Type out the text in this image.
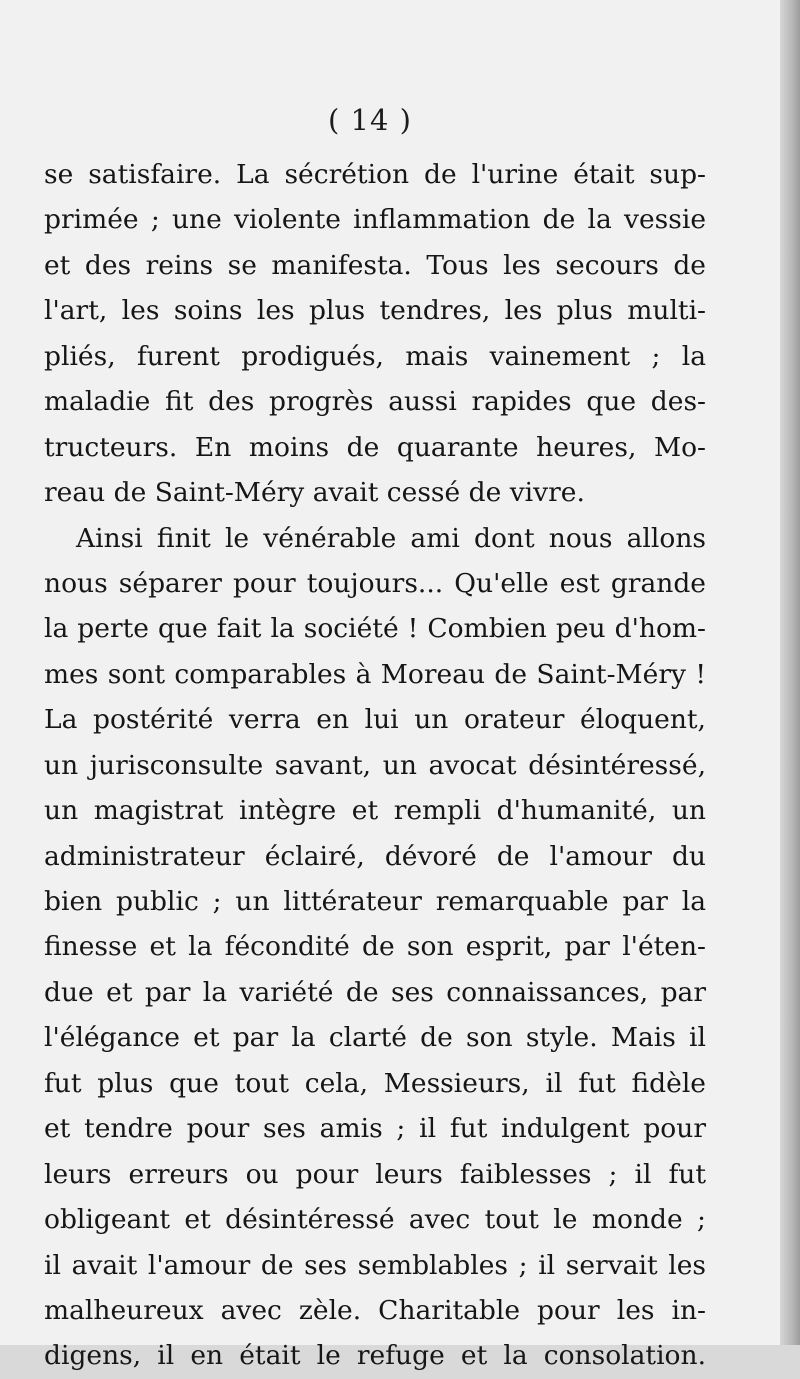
( 14 )
se satisfaire. La sécrétion de l'urine était sup-
primée ; une violente inflammation de la vessie
et des reins se manifesta. Tous les secours de
l'art, les soins les plus tendres, les plus multi-
pliés, furent prodigués, mais vainement ; la
maladie fit des progrès aussi rapides que des-
tructeurs. En moins de quarante heures, Mo-
reau de Saint-Méry avait cessé de vivre.
Ainsi finit le vénérable ami dont nous allons
nous séparer pour toujours... Qu'elle est grande
la perte que fait la société ! Combien peu d'hom-
mes sont comparables à Moreau de Saint-Méry !
La postérité verra en lui un orateur éloquent,
un jurisconsulte savant, un avocat désintéressé,
un magistrat intègre et rempli d'humanité, un
administrateur éclairé, dévoré de l'amour du
bien public ; un littérateur remarquable par la
finesse et la fécondité de son esprit, par l'éten-
due et par la variété de ses connaissances, par
l'élégance et par la clarté de son style. Mais il
fut plus que tout cela, Messieurs, il fut fidèle
et tendre pour ses amis ; il fut indulgent pour
leurs erreurs ou pour leurs faiblesses ; il fut
obligeant et désintéressé avec tout le monde ;
il avait l'amour de ses semblables ; il servait les
malheureux avec zèle. Charitable pour les in-
digens, il en était le refuge et la consolation.
